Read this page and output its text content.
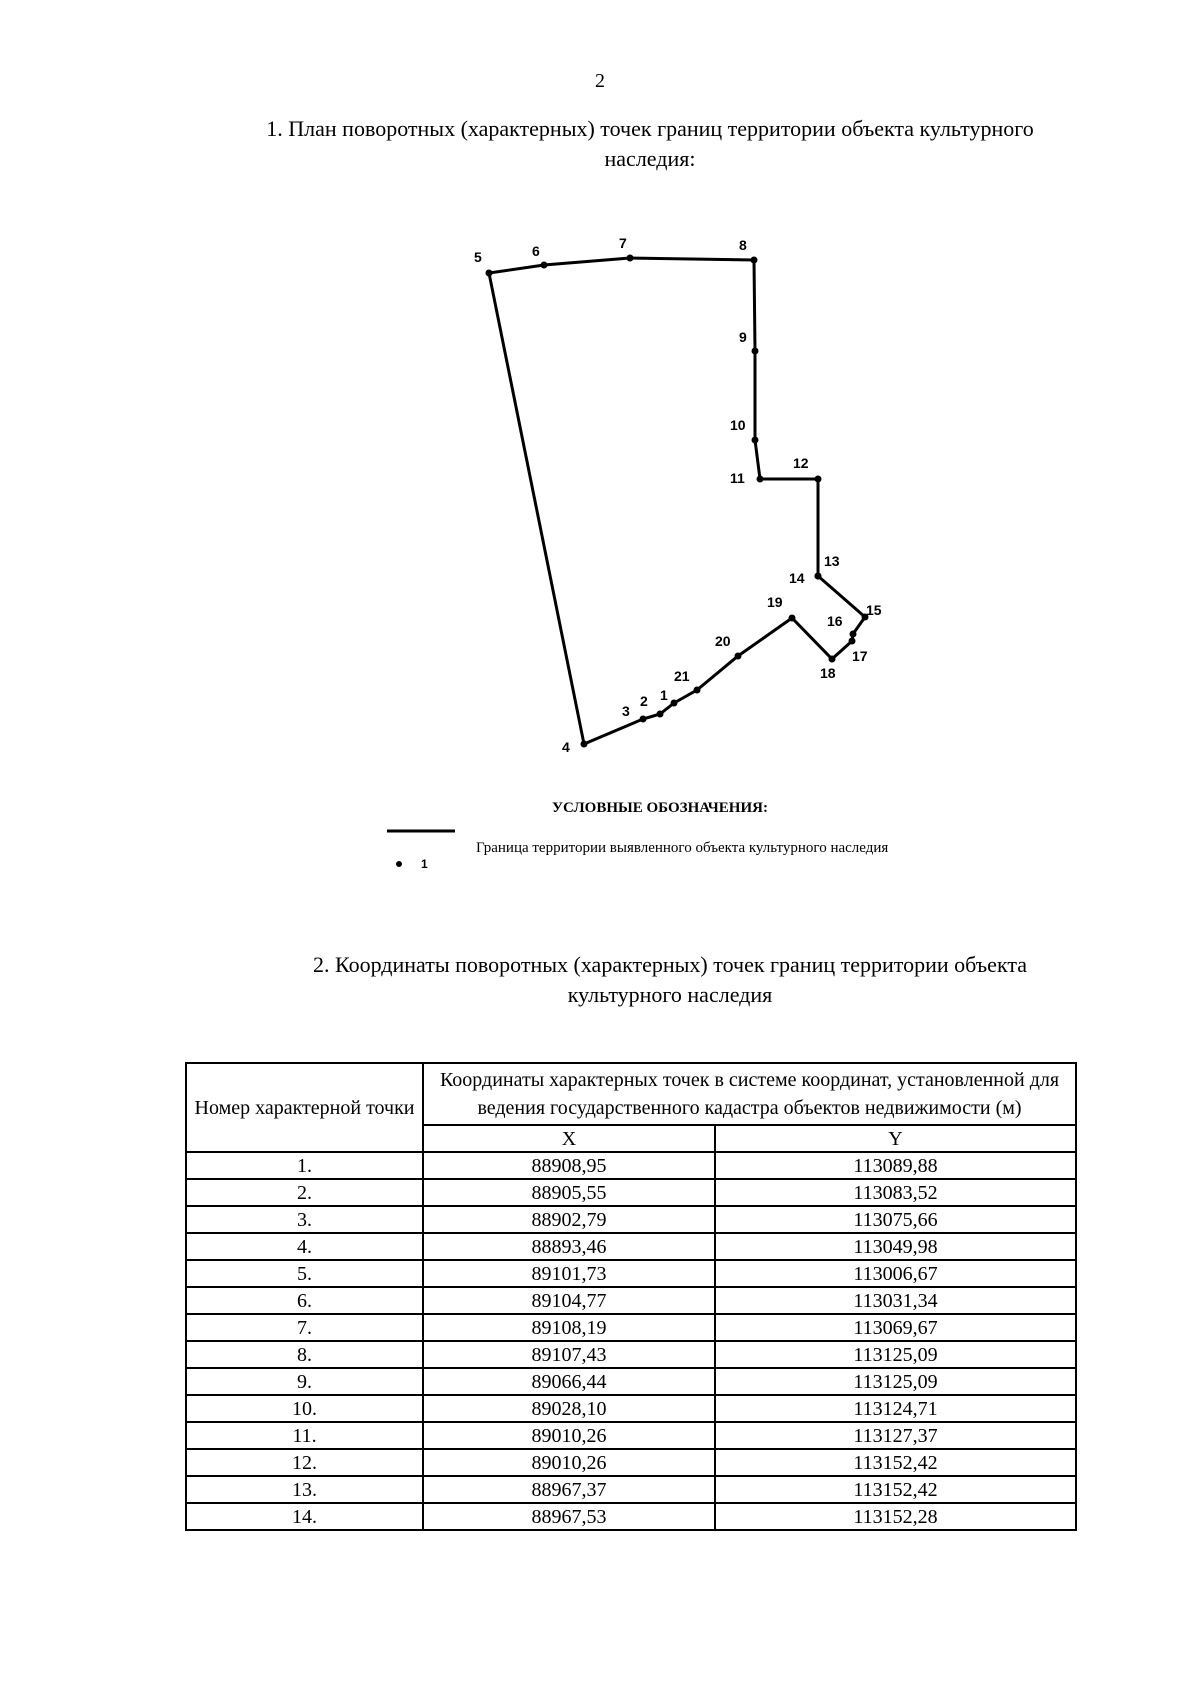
2
1. План поворотных (характерных) точек границ территории объекта культурного
наследия:
1
2
3
4
5	6	7	8
9
10
11
12
13
14
15
16
17
18
19
20
21
УСЛОВНЫЕ ОБОЗНАЧЕНИЯ:
1
Граница территории выявленного объекта культурного наследия
2. Координаты поворотных (характерных) точек границ территории объекта
культурного наследия
Номер характерной точки	Координаты характерных точек в системе координат, установленной для ведения государственного кадастра объектов недвижимости (м)	
	X	Y
1.	88908,95	113089,88
2.	88905,55	113083,52
3.	88902,79	113075,66
4.	88893,46	113049,98
5.	89101,73	113006,67
6.	89104,77	113031,34
7.	89108,19	113069,67
8.	89107,43	113125,09
9.	89066,44	113125,09
10.	89028,10	113124,71
11.	89010,26	113127,37
12.	89010,26	113152,42
13.	88967,37	113152,42
14.	88967,53	113152,28
